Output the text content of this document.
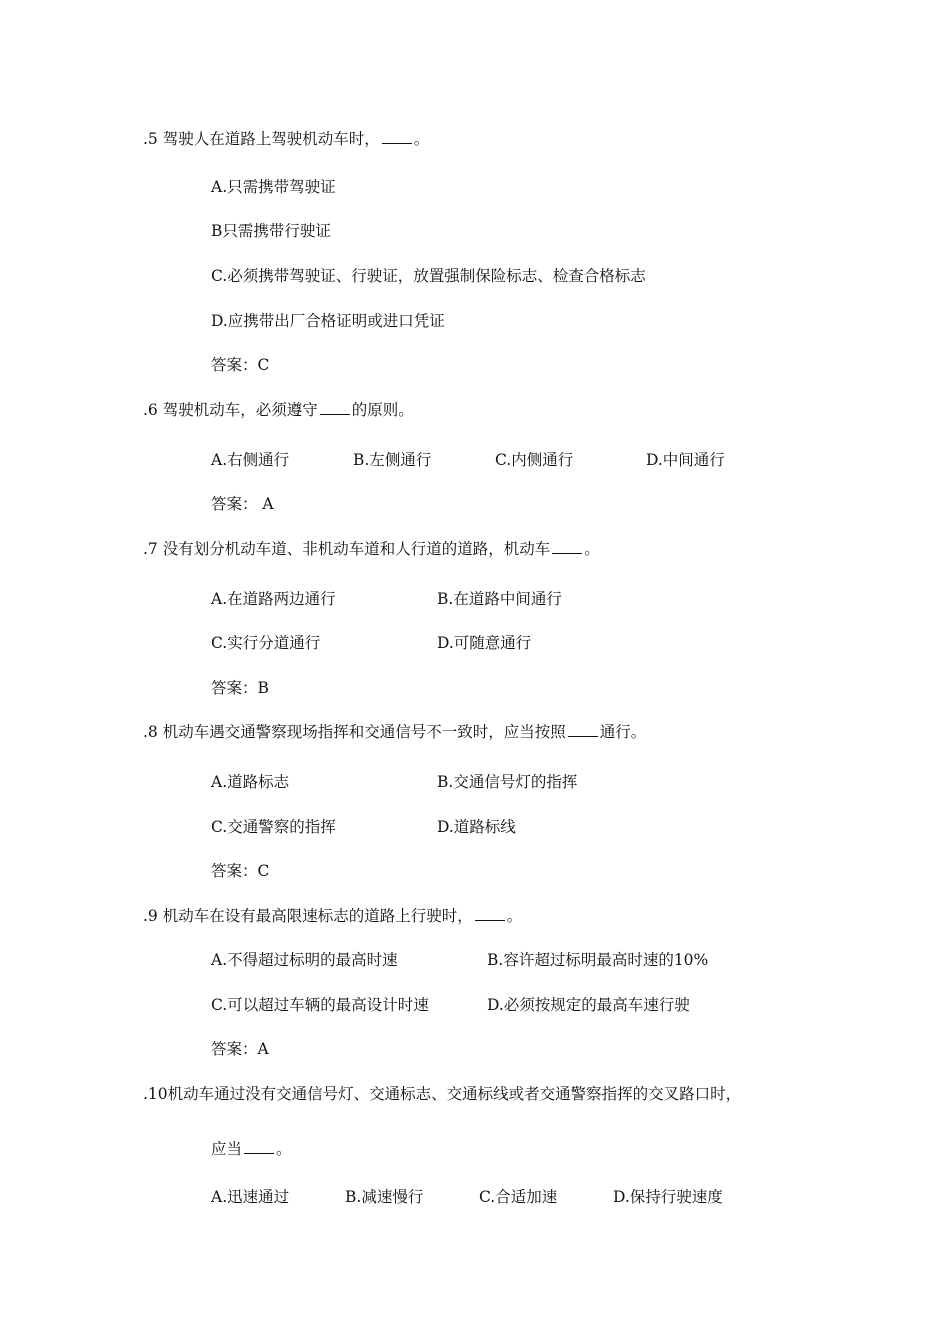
.5 驾驶人在道路上驾驶机动车时， 。
A.只需携带驾驶证
B只需携带行驶证
C.必须携带驾驶证、行驶证，放置强制保险标志、检查合格标志
D.应携带出厂合格证明或进口凭证
答案：C
.6 驾驶机动车，必须遵守 的原则。
A.右侧通行	B.左侧通行	C.内侧通行	D.中间通行
答案： A
.7 没有划分机动车道、非机动车道和人行道的道路，机动车 。
A.在道路两边通行	B.在道路中间通行
C.实行分道通行	D.可随意通行
答案：B
.8 机动车遇交通警察现场指挥和交通信号不一致时，应当按照 通行。
A.道路标志	B.交通信号灯的指挥
C.交通警察的指挥	D.道路标线
答案：C
.9 机动车在设有最高限速标志的道路上行驶时， 。
A.不得超过标明的最高时速	B.容许超过标明最高时速的10%
C.可以超过车辆的最高设计时速	D.必须按规定的最高车速行驶
答案：A
.10机动车通过没有交通信号灯、交通标志、交通标线或者交通警察指挥的交叉路口时，
应当 。
A.迅速通过	B.减速慢行	C.合适加速	D.保持行驶速度
